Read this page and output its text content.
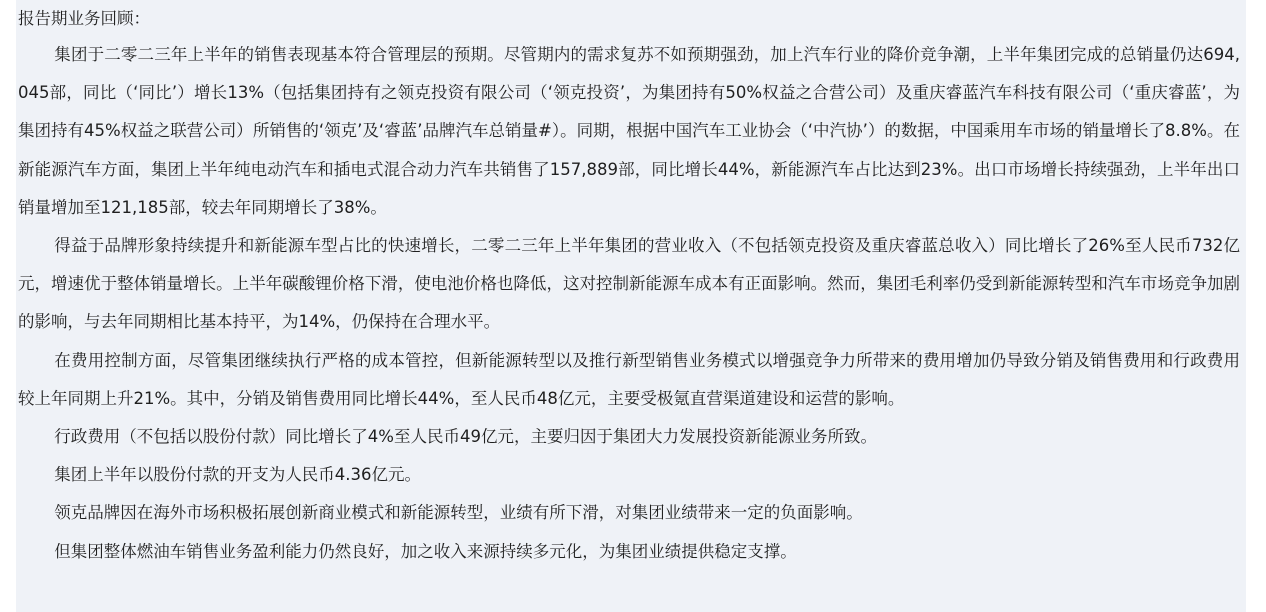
报告期业务回顾：

集团于二零二三年上半年的销售表现基本符合管理层的预期。尽管期内的需求复苏不如预期强劲，加上汽车行业的降价竞争潮，上半年集团完成的总销量仍达694,045部，同比（‘同比’）增长13%（包括集团持有之领克投资有限公司（‘领克投资’，为集团持有50%权益之合营公司）及重庆睿蓝汽车科技有限公司（‘重庆睿蓝’，为集团持有45%权益之联营公司）所销售的‘领克’及‘睿蓝’品牌汽车总销量#）。同期，根据中国汽车工业协会（‘中汽协’）的数据，中国乘用车市场的销量增长了8.8%。在新能源汽车方面，集团上半年纯电动汽车和插电式混合动力汽车共销售了157,889部，同比增长44%，新能源汽车占比达到23%。出口市场增长持续强劲，上半年出口销量增加至121,185部，较去年同期增长了38%。

得益于品牌形象持续提升和新能源车型占比的快速增长，二零二三年上半年集团的营业收入（不包括领克投资及重庆睿蓝总收入）同比增长了26%至人民币732亿元，增速优于整体销量增长。上半年碳酸锂价格下滑，使电池价格也降低，这对控制新能源车成本有正面影响。然而，集团毛利率仍受到新能源转型和汽车市场竞争加剧的影响，与去年同期相比基本持平，为14%，仍保持在合理水平。

在费用控制方面，尽管集团继续执行严格的成本管控，但新能源转型以及推行新型销售业务模式以增强竞争力所带来的费用增加仍导致分销及销售费用和行政费用较上年同期上升21%。其中，分销及销售费用同比增长44%，至人民币48亿元，主要受极氪直营渠道建设和运营的影响。

行政费用（不包括以股份付款）同比增长了4%至人民币49亿元，主要归因于集团大力发展投资新能源业务所致。

集团上半年以股份付款的开支为人民币4.36亿元。

领克品牌因在海外市场积极拓展创新商业模式和新能源转型，业绩有所下滑，对集团业绩带来一定的负面影响。

但集团整体燃油车销售业务盈利能力仍然良好，加之收入来源持续多元化，为集团业绩提供稳定支撑。
